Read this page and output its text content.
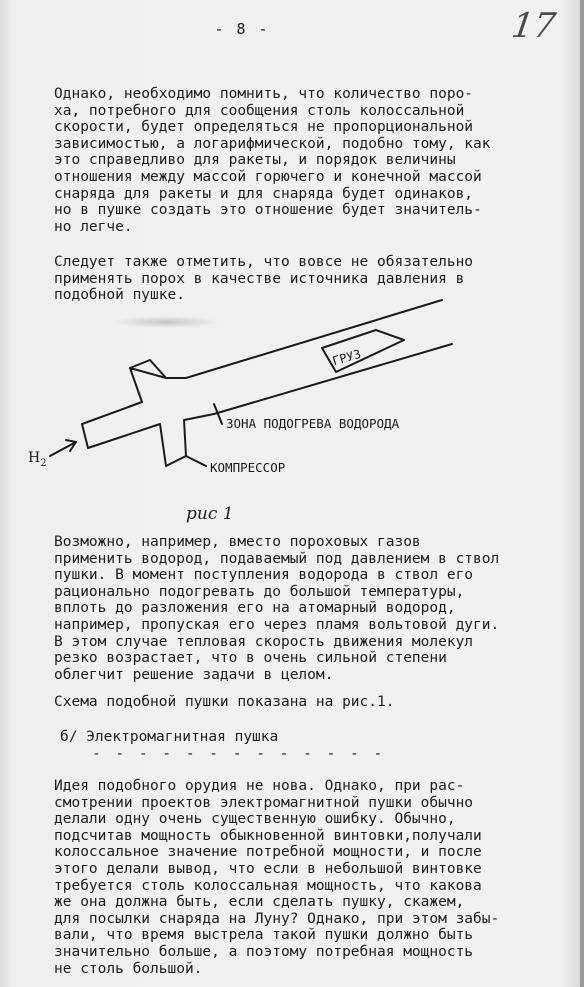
- 8 -	17
Однако, необходимо помнить, что количество поро-
ха, потребного для сообщения столь колоссальной
скорости, будет определяться не пропорциональной
зависимостью, а логарифмической, подобно тому, как
это справедливо для ракеты, и порядок величины
отношения между массой горючего и конечной массой
снаряда для ракеты и для снаряда будет одинаков,
но в пушке создать это отношение будет значитель-
но легче.
Следует также отметить, что вовсе не обязательно
применять порох в качестве источника давления в
подобной пушке.
ГРУЗ
ЗОНА ПОДОГРЕВА ВОДОРОДА
КОМПРЕССОР
$H_2$
рис 1
Возможно, например, вместо пороховых газов
применить водород, подаваемый под давлением в ствол
пушки. В момент поступления водорода в ствол его
рационально подогревать до большой температуры,
вплоть до разложения его на атомарный водород,
например, пропуская его через пламя вольтовой дуги.
В этом случае тепловая скорость движения молекул
резко возрастает, что в очень сильной степени
облегчит решение задачи в целом.
Схема подобной пушки показана на рис.1.
б/ Электромагнитная пушка
- - - - - - - - - - - - -
Идея подобного орудия не нова. Однако, при рас-
смотрении проектов электромагнитной пушки обычно
делали одну очень существенную ошибку. Обычно,
подсчитав мощность обыкновенной винтовки,получали
колоссальное значение потребной мощности, и после
этого делали вывод, что если в небольшой винтовке
требуется столь колоссальная мощность, что какова
же она должна быть, если сделать пушку, скажем,
для посылки снаряда на Луну? Однако, при этом забы-
вали, что время выстрела такой пушки должно быть
значительно больше, а поэтому потребная мощность
не столь большой.
